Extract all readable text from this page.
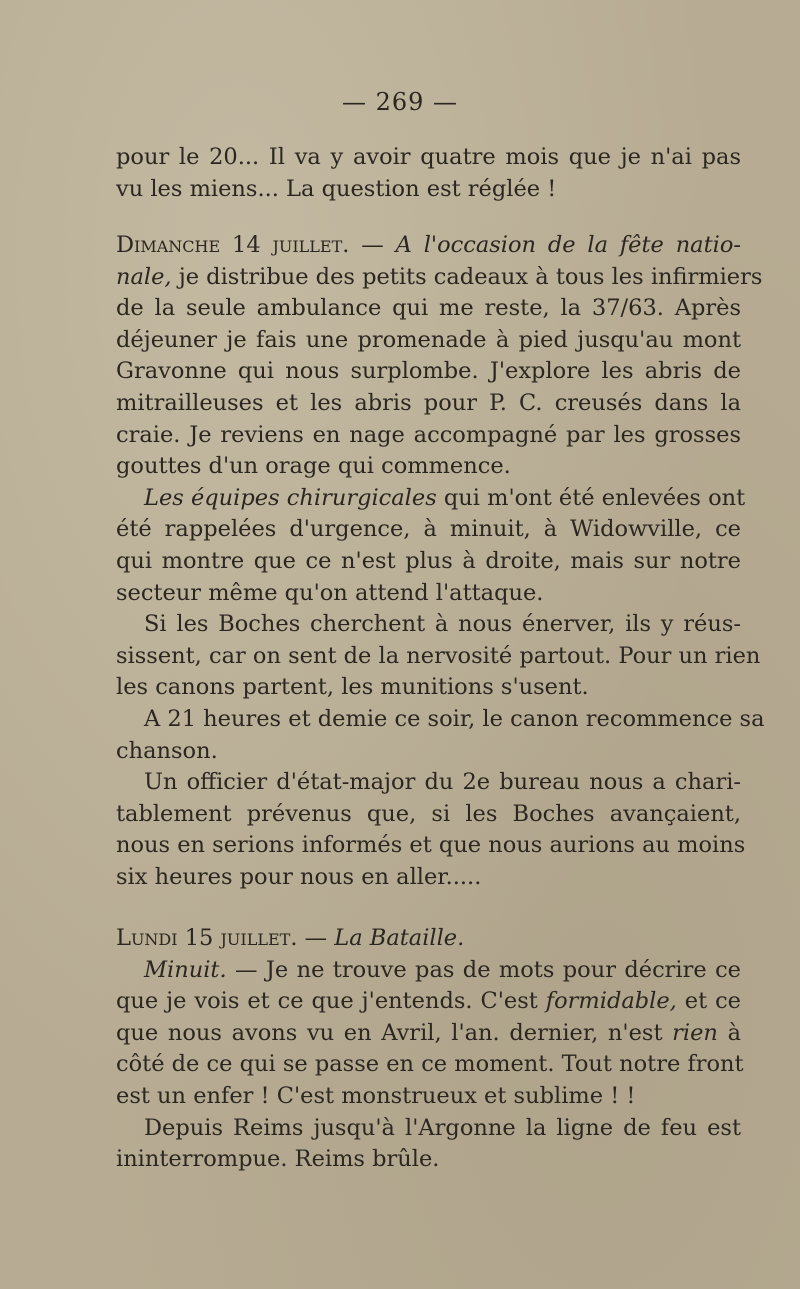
— 269 —
pour le 20... Il va y avoir quatre mois que je n'ai pas
vu les miens... La question est réglée !
Dimanche 14 juillet. — A l'occasion de la fête natio-
nale, je distribue des petits cadeaux à tous les infirmiers
de la seule ambulance qui me reste, la 37/63. Après
déjeuner je fais une promenade à pied jusqu'au mont
Gravonne qui nous surplombe. J'explore les abris de
mitrailleuses et les abris pour P. C. creusés dans la
craie. Je reviens en nage accompagné par les grosses
gouttes d'un orage qui commence.
Les équipes chirurgicales qui m'ont été enlevées ont
été rappelées d'urgence, à minuit, à Widowville, ce
qui montre que ce n'est plus à droite, mais sur notre
secteur même qu'on attend l'attaque.
Si les Boches cherchent à nous énerver, ils y réus-
sissent, car on sent de la nervosité partout. Pour un rien
les canons partent, les munitions s'usent.
A 21 heures et demie ce soir, le canon recommence sa
chanson.
Un officier d'état-major du 2e bureau nous a chari-
tablement prévenus que, si les Boches avançaient,
nous en serions informés et que nous aurions au moins
six heures pour nous en aller.....
Lundi 15 juillet. — La Bataille.
Minuit. — Je ne trouve pas de mots pour décrire ce
que je vois et ce que j'entends. C'est formidable, et ce
que nous avons vu en Avril, l'an. dernier, n'est rien à
côté de ce qui se passe en ce moment. Tout notre front
est un enfer ! C'est monstrueux et sublime ! !
Depuis Reims jusqu'à l'Argonne la ligne de feu est
ininterrompue. Reims brûle.
